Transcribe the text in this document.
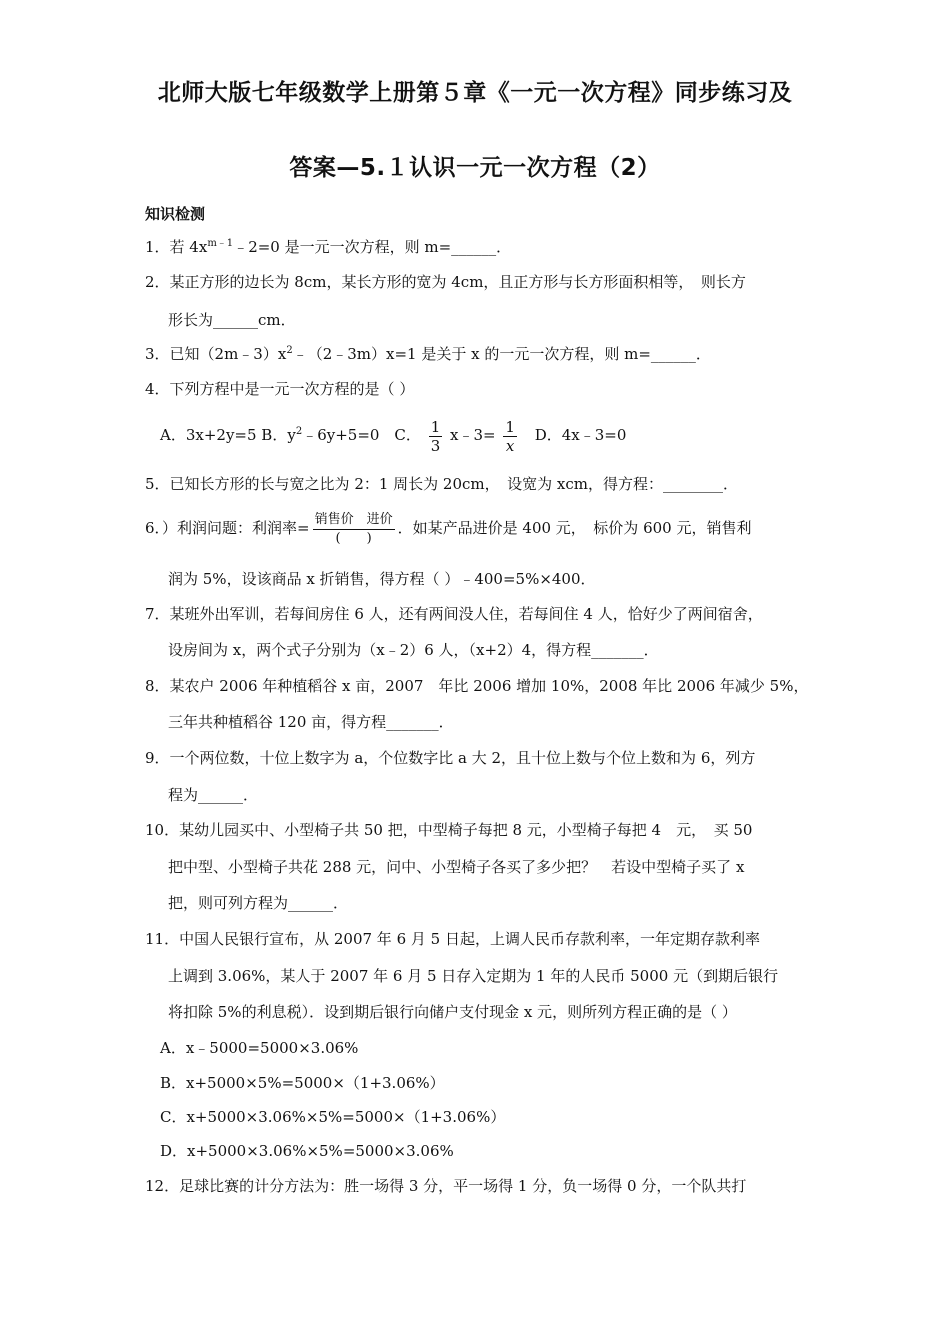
北师大版七年级数学上册第５章《一元一次方程》同步练习及
答案—5.１认识一元一次方程（2）
知识检测
1．若 $4x^{m﹣1}﹣2=0$ 是一元一次方程，则 m=______．
2．某正方形的边长为 8cm，某长方形的宽为 4cm，且正方形与长方形面积相等，　则长方
形长为______cm．
3．已知$(2m﹣3)x^2﹣(2﹣3m)x=1$ 是关于 x 的一元一次方程，则 m=______．
4．下列方程中是一元一次方程的是（ ）
A．3x+2y=5 B．$y^2﹣6y+5=0$　C． $\frac{1}{3}$ x﹣3= $\frac{1}{x}$ D．4x﹣3=0
5．已知长方形的长与宽之比为 2：1 周长为 20cm，　设宽为 xcm，得方程：________．
6．）利润问题：利润率= $\frac{\text{销售价　进价}}{( )}$ ．如某产品进价是 400 元，　标价为 600 元，销售利
润为 5%，设该商品 x 折销售，得方程（ ）﹣400=5%×400．
7．某班外出军训，若每间房住 6 人，还有两间没人住，若每间住 4 人，恰好少了两间宿舍，
设房间为 x，两个式子分别为（x﹣2）6 人，（x+2）4，得方程_______．
8．某农户 2006 年种植稻谷 x 亩，2007　年比 2006 增加 10%，2008 年比 2006 年减少 5%，
三年共种植稻谷 120 亩，得方程_______．
9．一个两位数，十位上数字为 a，个位数字比 a 大 2，且十位上数与个位上数和为 6，列方
程为______．
10．某幼儿园买中、小型椅子共 50 把，中型椅子每把 8 元，小型椅子每把 4　元，　买 50
把中型、小型椅子共花 288 元，问中、小型椅子各买了多少把？　若设中型椅子买了 x
把，则可列方程为______．
11．中国人民银行宣布，从 2007 年 6 月 5 日起，上调人民币存款利率，一年定期存款利率
上调到 3.06%，某人于 2007 年 6 月 5 日存入定期为 1 年的人民币 5000 元（到期后银行
将扣除 5%的利息税）．设到期后银行向储户支付现金 x 元，则所列方程正确的是（ ）
A．x﹣5000=5000×3.06%
B．x+5000×5%=5000×（1+3.06%）
C．x+5000×3.06%×5%=5000×（1+3.06%）
D．x+5000×3.06%×5%=5000×3.06%
12．足球比赛的计分方法为：胜一场得 3 分，平一场得 1 分，负一场得 0 分，一个队共打
